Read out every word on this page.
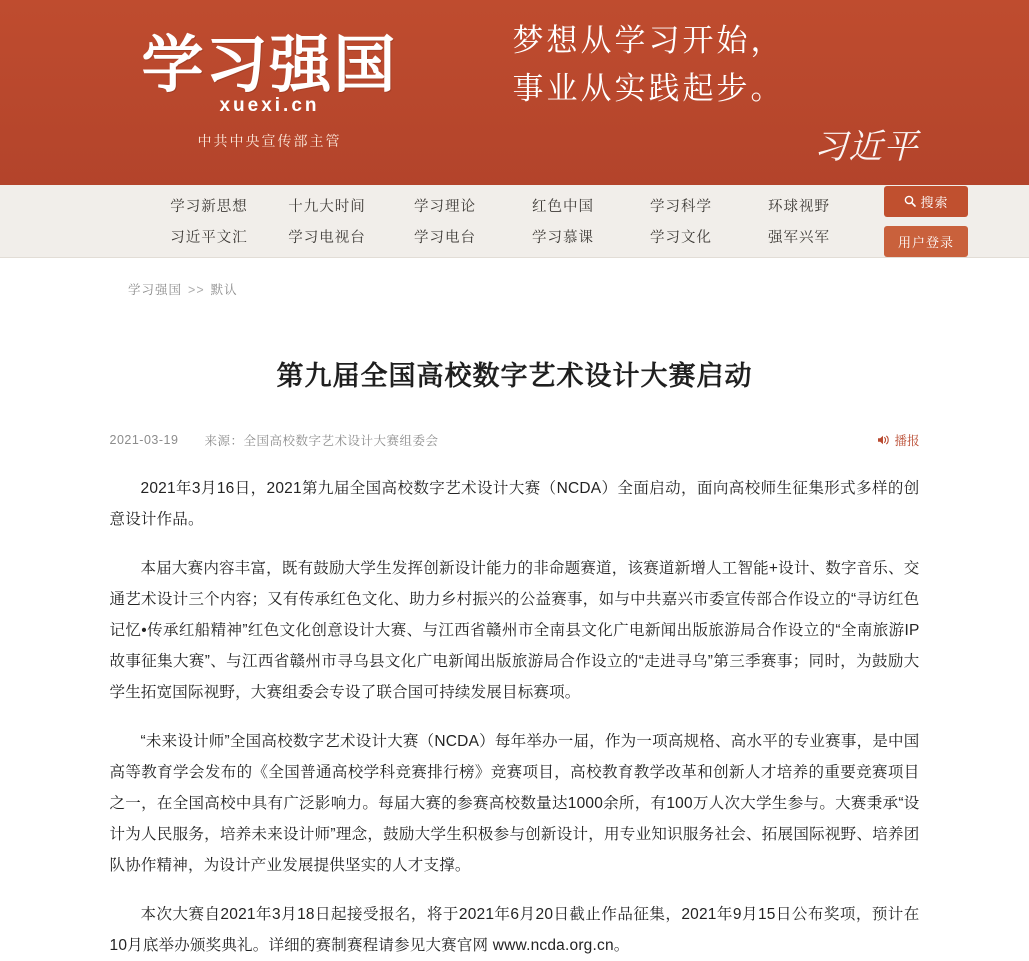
学习强国
xuexi.cn
中共中央宣传部主管
梦想从学习开始，
事业从实践起步。
习近平
学习新思想
习近平文汇
十九大时间
学习电视台
学习理论
学习电台
红色中国
学习慕课
学习科学
学习文化
环球视野
强军兴军
搜索
用户登录
学习强国 >> 默认
第九届全国高校数字艺术设计大赛启动
2021-03-19 来源：全国高校数字艺术设计大赛组委会	播报

2021年3月16日，2021第九届全国高校数字艺术设计大赛（NCDA）全面启动，面向高校师生征集形式多样的创意设计作品。

本届大赛内容丰富，既有鼓励大学生发挥创新设计能力的非命题赛道，该赛道新增人工智能+设计、数字音乐、交通艺术设计三个内容；又有传承红色文化、助力乡村振兴的公益赛事，如与中共嘉兴市委宣传部合作设立的“寻访红色记忆•传承红船精神”红色文化创意设计大赛、与江西省赣州市全南县文化广电新闻出版旅游局合作设立的“全南旅游IP故事征集大赛”、与江西省赣州市寻乌县文化广电新闻出版旅游局合作设立的“走进寻乌”第三季赛事；同时，为鼓励大学生拓宽国际视野，大赛组委会专设了联合国可持续发展目标赛项。

“未来设计师”全国高校数字艺术设计大赛（NCDA）每年举办一届，作为一项高规格、高水平的专业赛事，是中国高等教育学会发布的《全国普通高校学科竞赛排行榜》竞赛项目，高校教育教学改革和创新人才培养的重要竞赛项目之一，在全国高校中具有广泛影响力。每届大赛的参赛高校数量达1000余所，有100万人次大学生参与。大赛秉承“设计为人民服务，培养未来设计师”理念，鼓励大学生积极参与创新设计，用专业知识服务社会、拓展国际视野、培养团队协作精神，为设计产业发展提供坚实的人才支撑。

本次大赛自2021年3月18日起接受报名，将于2021年6月20日截止作品征集，2021年9月15日公布奖项，预计在10月底举办颁奖典礼。详细的赛制赛程请参见大赛官网 www.ncda.org.cn。
